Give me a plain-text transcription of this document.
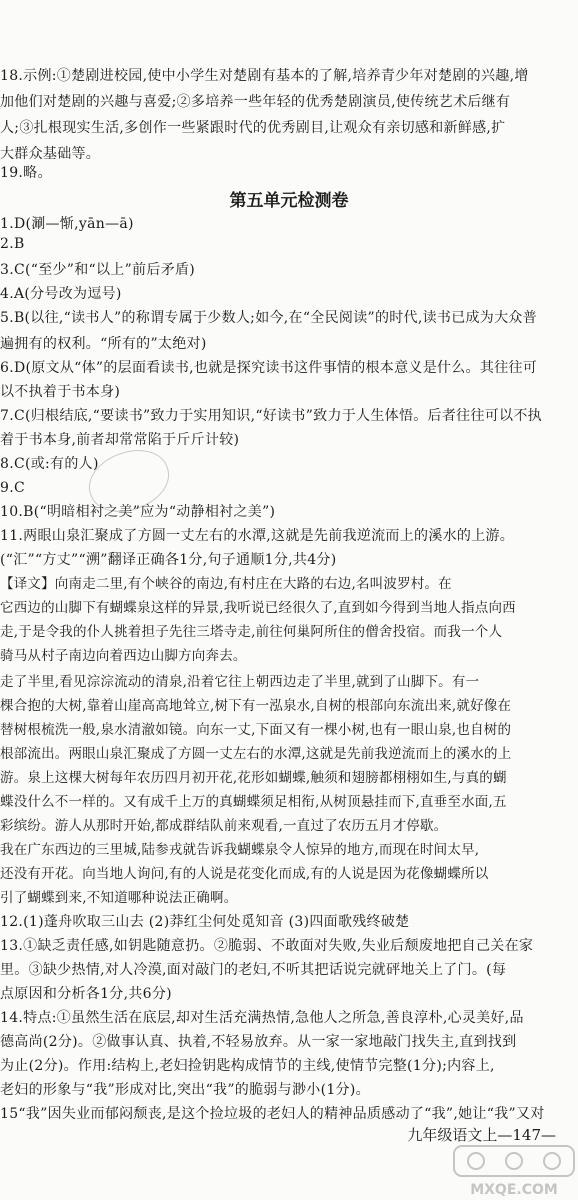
18.示例:①楚剧进校园,使中小学生对楚剧有基本的了解,培养青少年对楚剧的兴趣,增
加他们对楚剧的兴趣与喜爱;②多培养一些年轻的优秀楚剧演员,使传统艺术后继有
人;③扎根现实生活,多创作一些紧跟时代的优秀剧目,让观众有亲切感和新鲜感,扩
大群众基础等。
19.略。
第五单元检测卷
1.D(涮—惭,yān—ā)
2.B
3.C(“至少”和“以上”前后矛盾)
4.A(分号改为逗号)
5.B(以往,“读书人”的称谓专属于少数人;如今,在“全民阅读”的时代,读书已成为大众普
遍拥有的权利。“所有的”太绝对)
6.D(原文从“体”的层面看读书,也就是探究读书这件事情的根本意义是什么。其往往可
以不执着于书本身)
7.C(归根结底,“要读书”致力于实用知识,“好读书”致力于人生体悟。后者往往可以不执
着于书本身,前者却常常陷于斤斤计较)
8.C(或:有的人)
9.C
10.B(“明暗相衬之美”应为“动静相衬之美”)
11.两眼山泉汇聚成了方圆一丈左右的水潭,这就是先前我逆流而上的溪水的上游。
(“汇”“方丈”“溯”翻译正确各1分,句子通顺1分,共4分)
【译文】向南走二里,有个峡谷的南边,有村庄在大路的右边,名叫波罗村。在
它西边的山脚下有蝴蝶泉这样的异景,我听说已经很久了,直到如今得到当地人指点向西
走,于是令我的仆人挑着担子先往三塔寺走,前往何巢阿所住的僧舍投宿。而我一个人
骑马从村子南边向着西边山脚方向奔去。
走了半里,看见淙淙流动的清泉,沿着它往上朝西边走了半里,就到了山脚下。有一
棵合抱的大树,靠着山崖高高地耸立,树下有一泓泉水,自树的根部向东流出来,就好像在
替树根梳洗一般,泉水清澈如镜。向东一丈,下面又有一棵小树,也有一眼山泉,也自树的
根部流出。两眼山泉汇聚成了方圆一丈左右的水潭,这就是先前我逆流而上的溪水的上
游。泉上这棵大树每年农历四月初开花,花形如蝴蝶,触须和翅膀都栩栩如生,与真的蝴
蝶没什么不一样的。又有成千上万的真蝴蝶须足相衔,从树顶悬挂而下,直垂至水面,五
彩缤纷。游人从那时开始,都成群结队前来观看,一直过了农历五月才停歇。
我在广东西边的三里城,陆参戎就告诉我蝴蝶泉令人惊异的地方,而现在时间太早,
还没有开花。向当地人询问,有的人说是花变化而成,有的人说是因为花像蝴蝶所以
引了蝴蝶到来,不知道哪种说法正确啊。
12.(1)蓬舟吹取三山去 (2)莽红尘何处觅知音 (3)四面歌残终破楚
13.①缺乏责任感,如钥匙随意扔。②脆弱、不敢面对失败,失业后颓废地把自己关在家
里。③缺少热情,对人冷漠,面对敲门的老妇,不听其把话说完就砰地关上了门。(每
点原因和分析各1分,共6分)
14.特点:①虽然生活在底层,却对生活充满热情,急他人之所急,善良淳朴,心灵美好,品
德高尚(2分)。②做事认真、执着,不轻易放弃。从一家一家地敲门找失主,直到找到
为止(2分)。作用:结构上,老妇捡钥匙构成情节的主线,使情节完整(1分);内容上,
老妇的形象与“我”形成对比,突出“我”的脆弱与渺小(1分)。
15“我”因失业而郁闷颓丧,是这个捡垃圾的老妇人的精神品质感动了“我”,她让“我”又对
九年级语文上—147—
MXQE.COM
